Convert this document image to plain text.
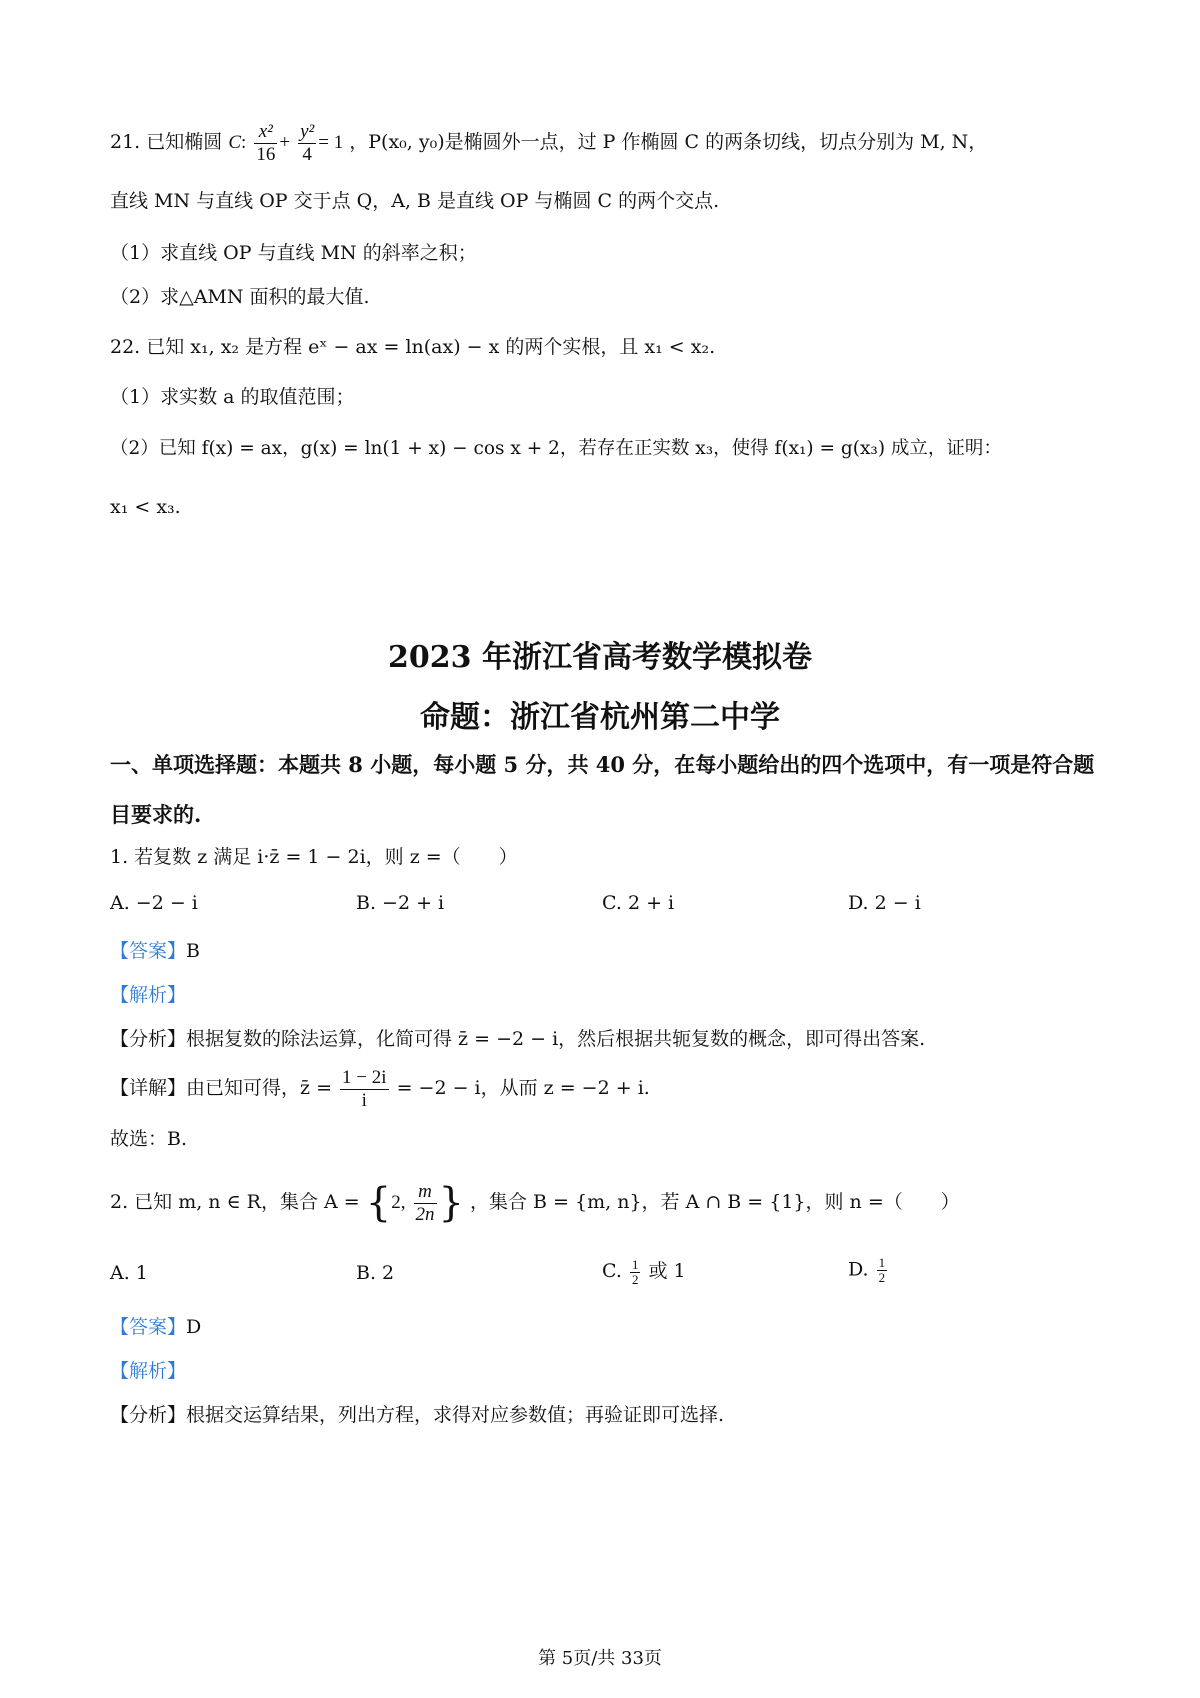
21. 已知椭圆 C: $\frac{\text{x²}}{16} + \frac{\text{y²}}{4} = 1$ ，P(x₀, y₀)是椭圆外一点，过 P 作椭圆 C 的两条切线，切点分别为 M, N，
直线 MN 与直线 OP 交于点 Q，A, B 是直线 OP 与椭圆 C 的两个交点.
（1）求直线 OP 与直线 MN 的斜率之积；
（2）求△AMN 面积的最大值.
22. 已知 x₁, x₂ 是方程 eˣ − ax = ln(ax) − x 的两个实根，且 x₁ < x₂.
（1）求实数 a 的取值范围；
（2）已知 f(x) = ax，g(x) = ln(1 + x) − cos x + 2，若存在正实数 x₃，使得 f(x₁) = g(x₃) 成立，证明：
x₁ < x₃.
2023 年浙江省高考数学模拟卷
命题：浙江省杭州第二中学
一、单项选择题：本题共 8 小题，每小题 5 分，共 40 分，在每小题给出的四个选项中，有一项是符合题目要求的.
1. 若复数 z 满足 i·z̄ = 1 − 2i，则 z =（　　）
A. −2 − i	B. −2 + i	C. 2 + i	D. 2 − i
【答案】B
【解析】
【分析】根据复数的除法运算，化简可得 z̄ = −2 − i，然后根据共轭复数的概念，即可得出答案.
【详解】由已知可得，z̄ = $\frac{1 - 2i}{i} = -2 - i$，从而 z = −2 + i.
故选：B.
2. 已知 m, n ∈ R，集合 A = {2, $\frac{m}{2n}$ } ，集合 B = {m, n}，若 A ∩ B = {1}，则 n =（　　）
A. 1	B. 2	C. $\frac{1}{2}$ 或 1	D. $\frac{1}{2}$
【答案】D
【解析】
【分析】根据交运算结果，列出方程，求得对应参数值；再验证即可选择.
第 5页/共 33页
